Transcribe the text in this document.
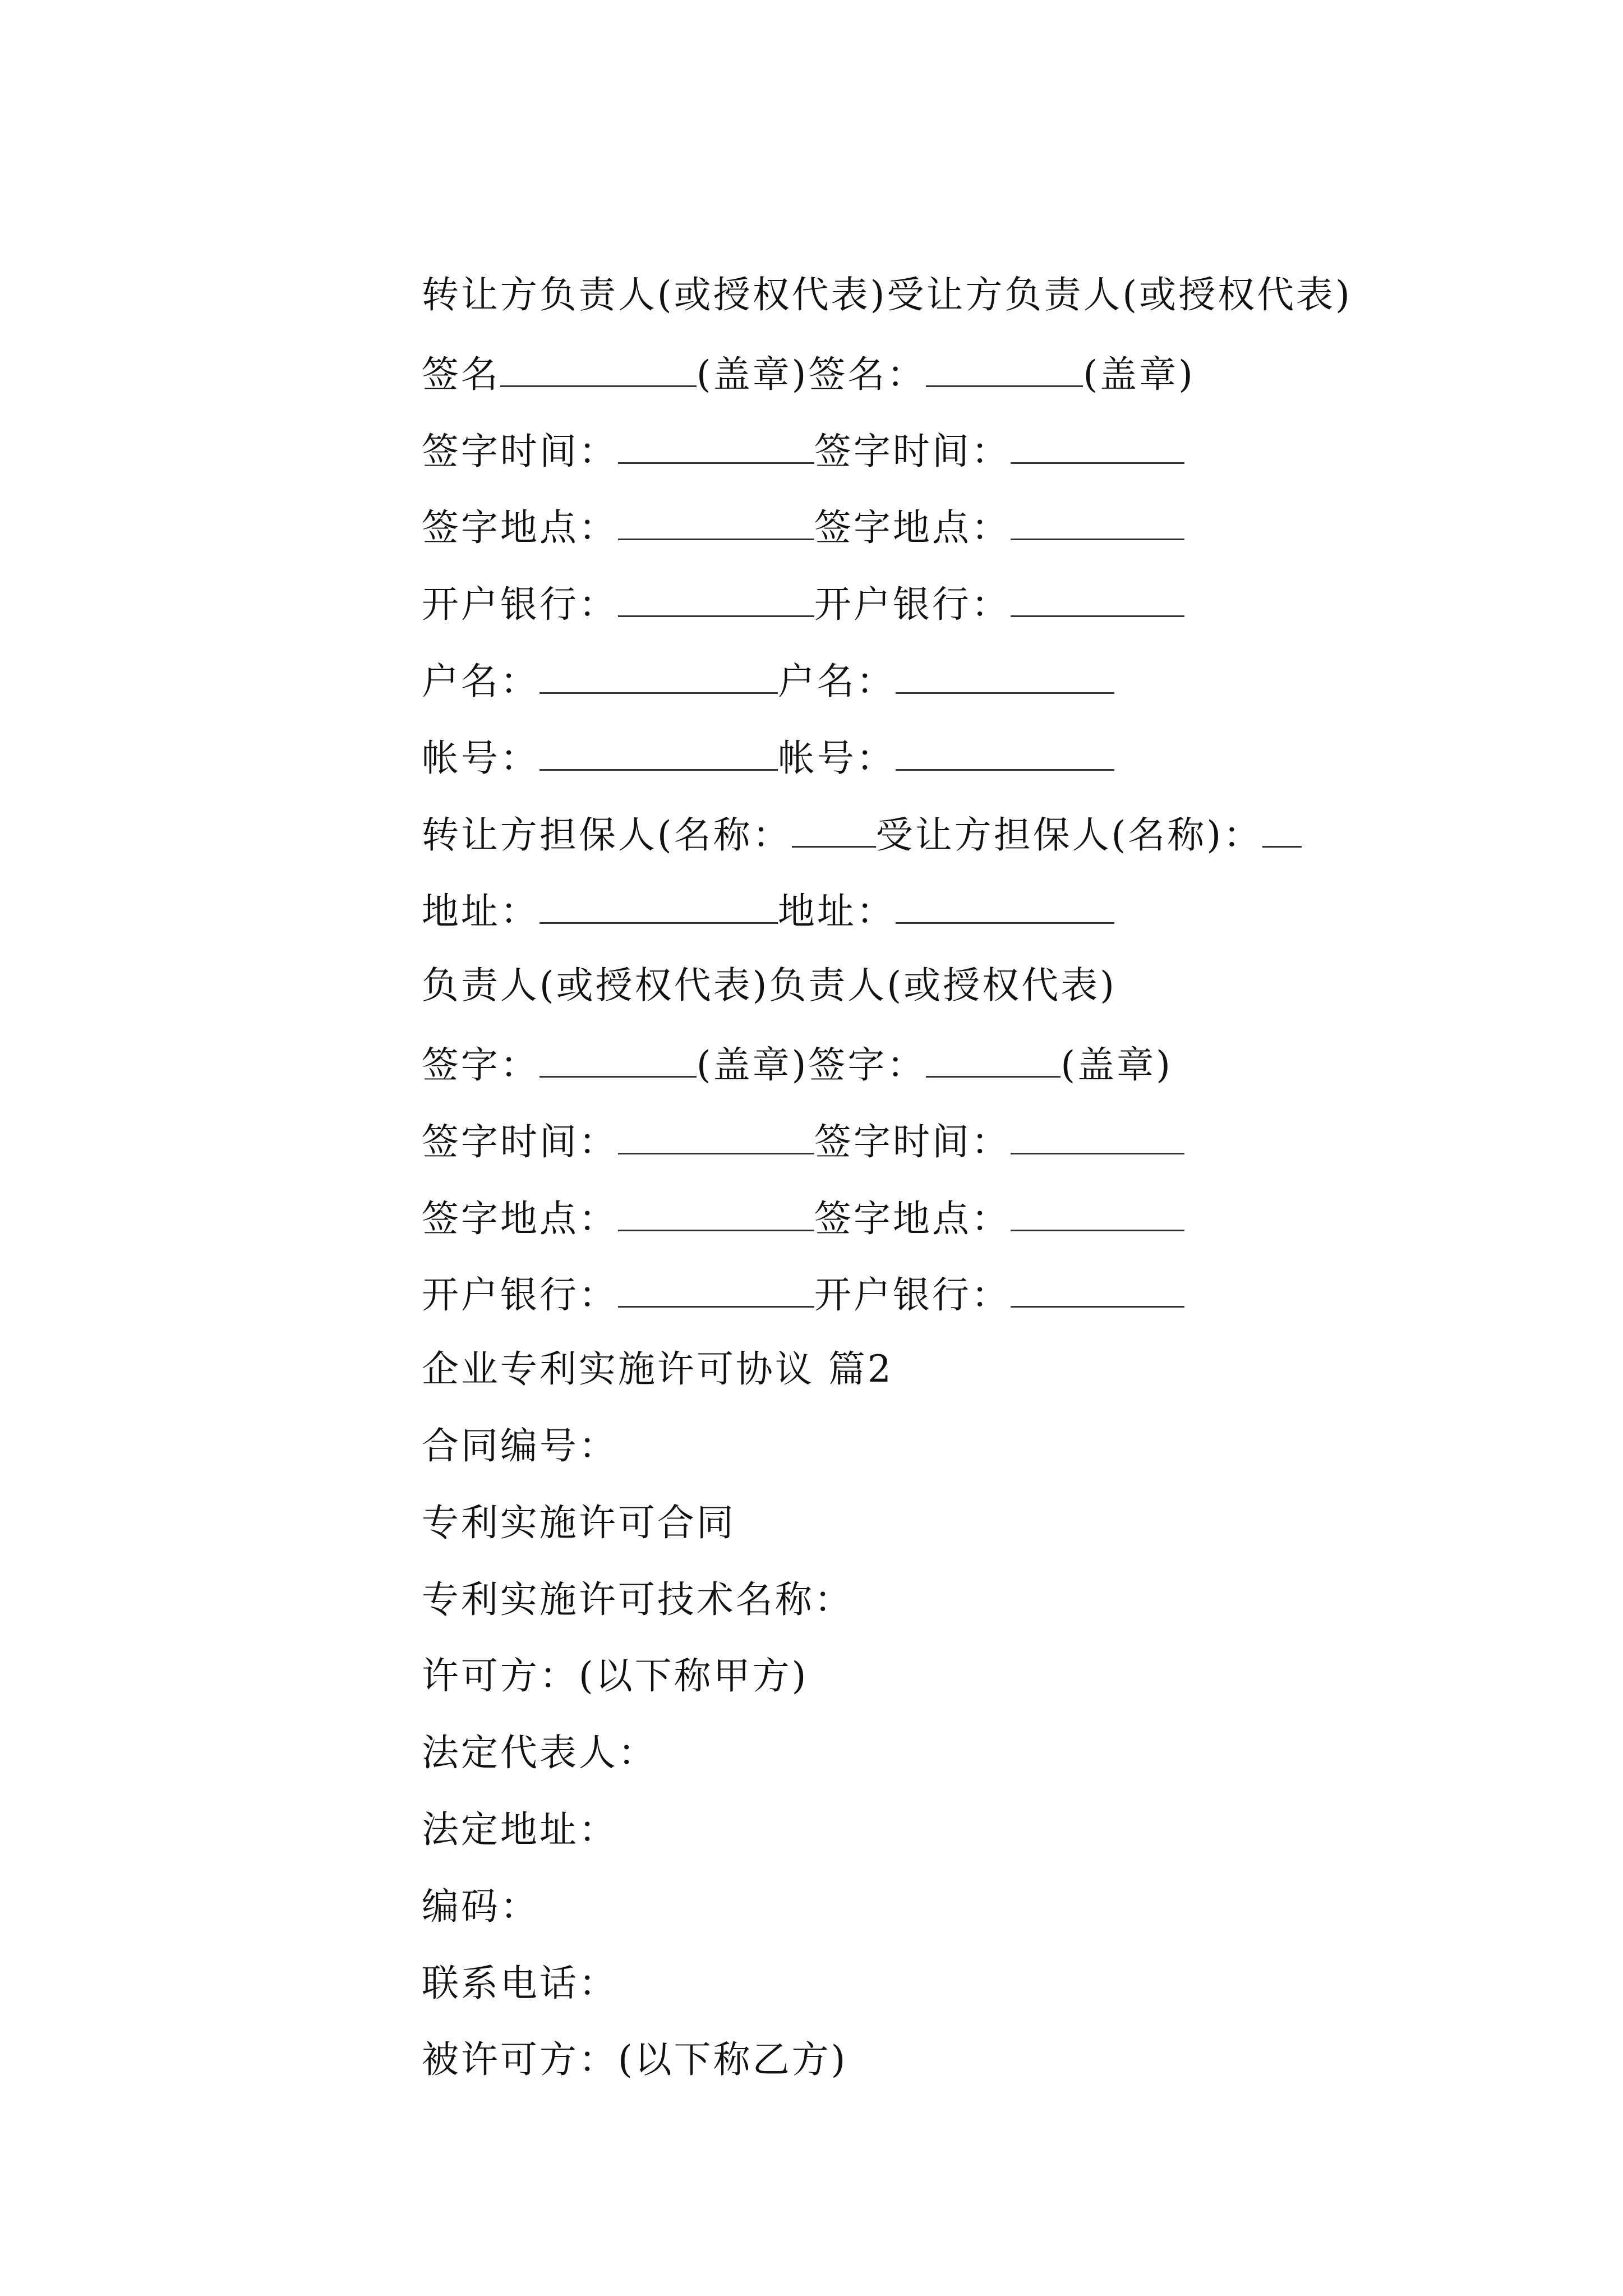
转让方负责人(或授权代表)受让方负责人(或授权代表)

签名	(盖章)签名：	(盖章)

签字时间：	签字时间：

签字地点：	签字地点：

开户银行：	开户银行：

户名：	户名：

帐号：	帐号：

转让方担保人(名称： 受让方担保人(名称)：

地址：	地址：

负责人(或授权代表)负责人(或授权代表)

签字：	(盖章)签字：	(盖章)

签字时间：	签字时间：

签字地点：	签字地点：

开户银行：	开户银行：

企业专利实施许可协议 篇2

合同编号：

专利实施许可合同

专利实施许可技术名称：

许可方：(以下称甲方)

法定代表人：

法定地址：

编码：

联系电话：

被许可方：(以下称乙方)
